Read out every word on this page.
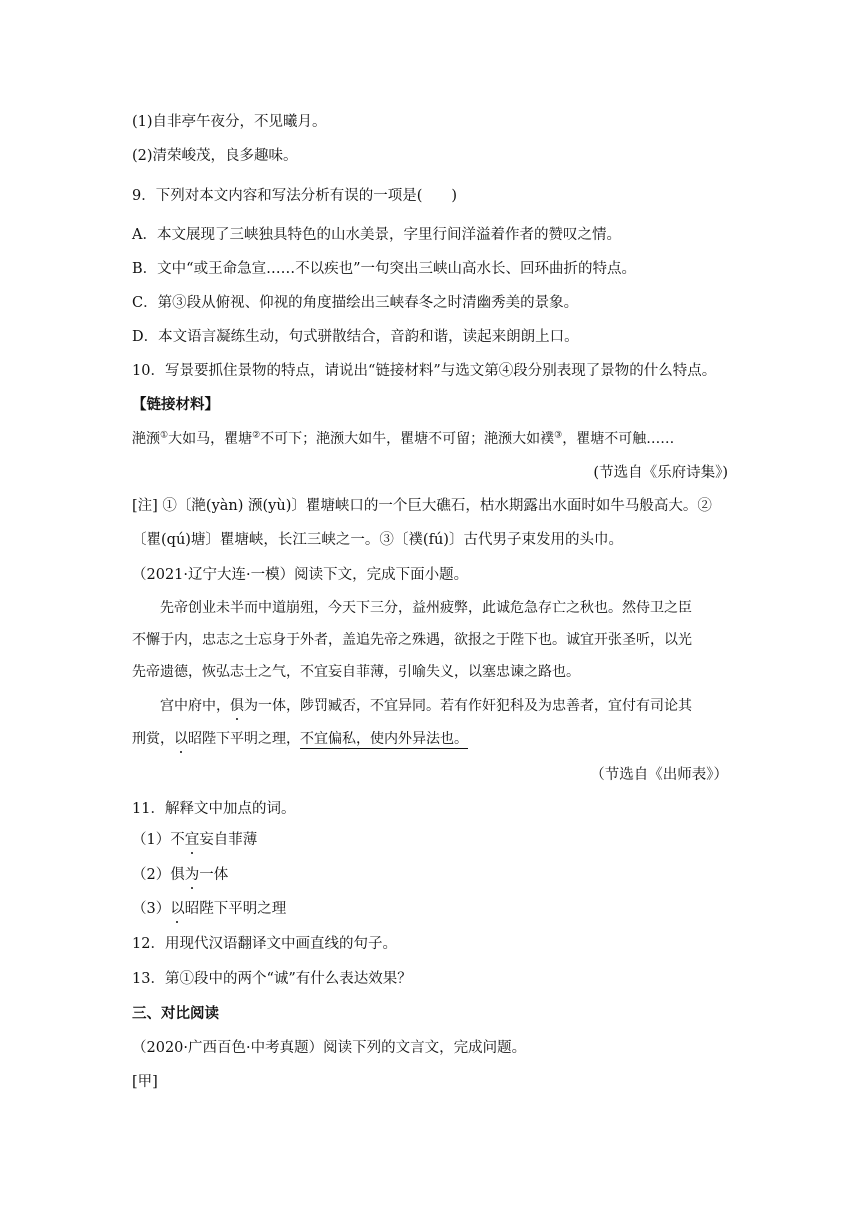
(1)自非亭午夜分，不见曦月。
(2)清荣峻茂，良多趣味。
9．下列对本文内容和写法分析有误的一项是(　　)
A．本文展现了三峡独具特色的山水美景，字里行间洋溢着作者的赞叹之情。
B．文中“或王命急宣……不以疾也”一句突出三峡山高水长、回环曲折的特点。
C．第③段从俯视、仰视的角度描绘出三峡春冬之时清幽秀美的景象。
D．本文语言凝练生动，句式骈散结合，音韵和谐，读起来朗朗上口。
10．写景要抓住景物的特点，请说出“链接材料”与选文第④段分别表现了景物的什么特点。
【链接材料】
滟滪①大如马，瞿塘②不可下；滟滪大如牛，瞿塘不可留；滟滪大如襆③，瞿塘不可触……
(节选自《乐府诗集》)
[注] ①〔滟(yàn) 滪(yù)〕瞿塘峡口的一个巨大礁石，枯水期露出水面时如牛马般高大。②
〔瞿(qú)塘〕瞿塘峡，长江三峡之一。③〔襆(fú)〕古代男子束发用的头巾。
（2021·辽宁大连·一模）阅读下文，完成下面小题。
先帝创业未半而中道崩殂，今天下三分，益州疲弊，此诚危急存亡之秋也。然侍卫之臣
不懈于内，忠志之士忘身于外者，盖追先帝之殊遇，欲报之于陛下也。诚宜开张圣听，以光
先帝遗德，恢弘志士之气，不宜妄自菲薄，引喻失义，以塞忠谏之路也。
宫中府中，俱为一体，陟罚臧否，不宜异同。若有作奸犯科及为忠善者，宜付有司论其
刑赏，以昭陛下平明之理，不宜偏私，使内外异法也。
（节选自《出师表》）
11．解释文中加点的词。
（1）不宜妄自菲薄
（2）俱为一体
（3）以昭陛下平明之理
12．用现代汉语翻译文中画直线的句子。
13．第①段中的两个“诚”有什么表达效果？
三、对比阅读
（2020·广西百色·中考真题）阅读下列的文言文，完成问题。
[甲]
